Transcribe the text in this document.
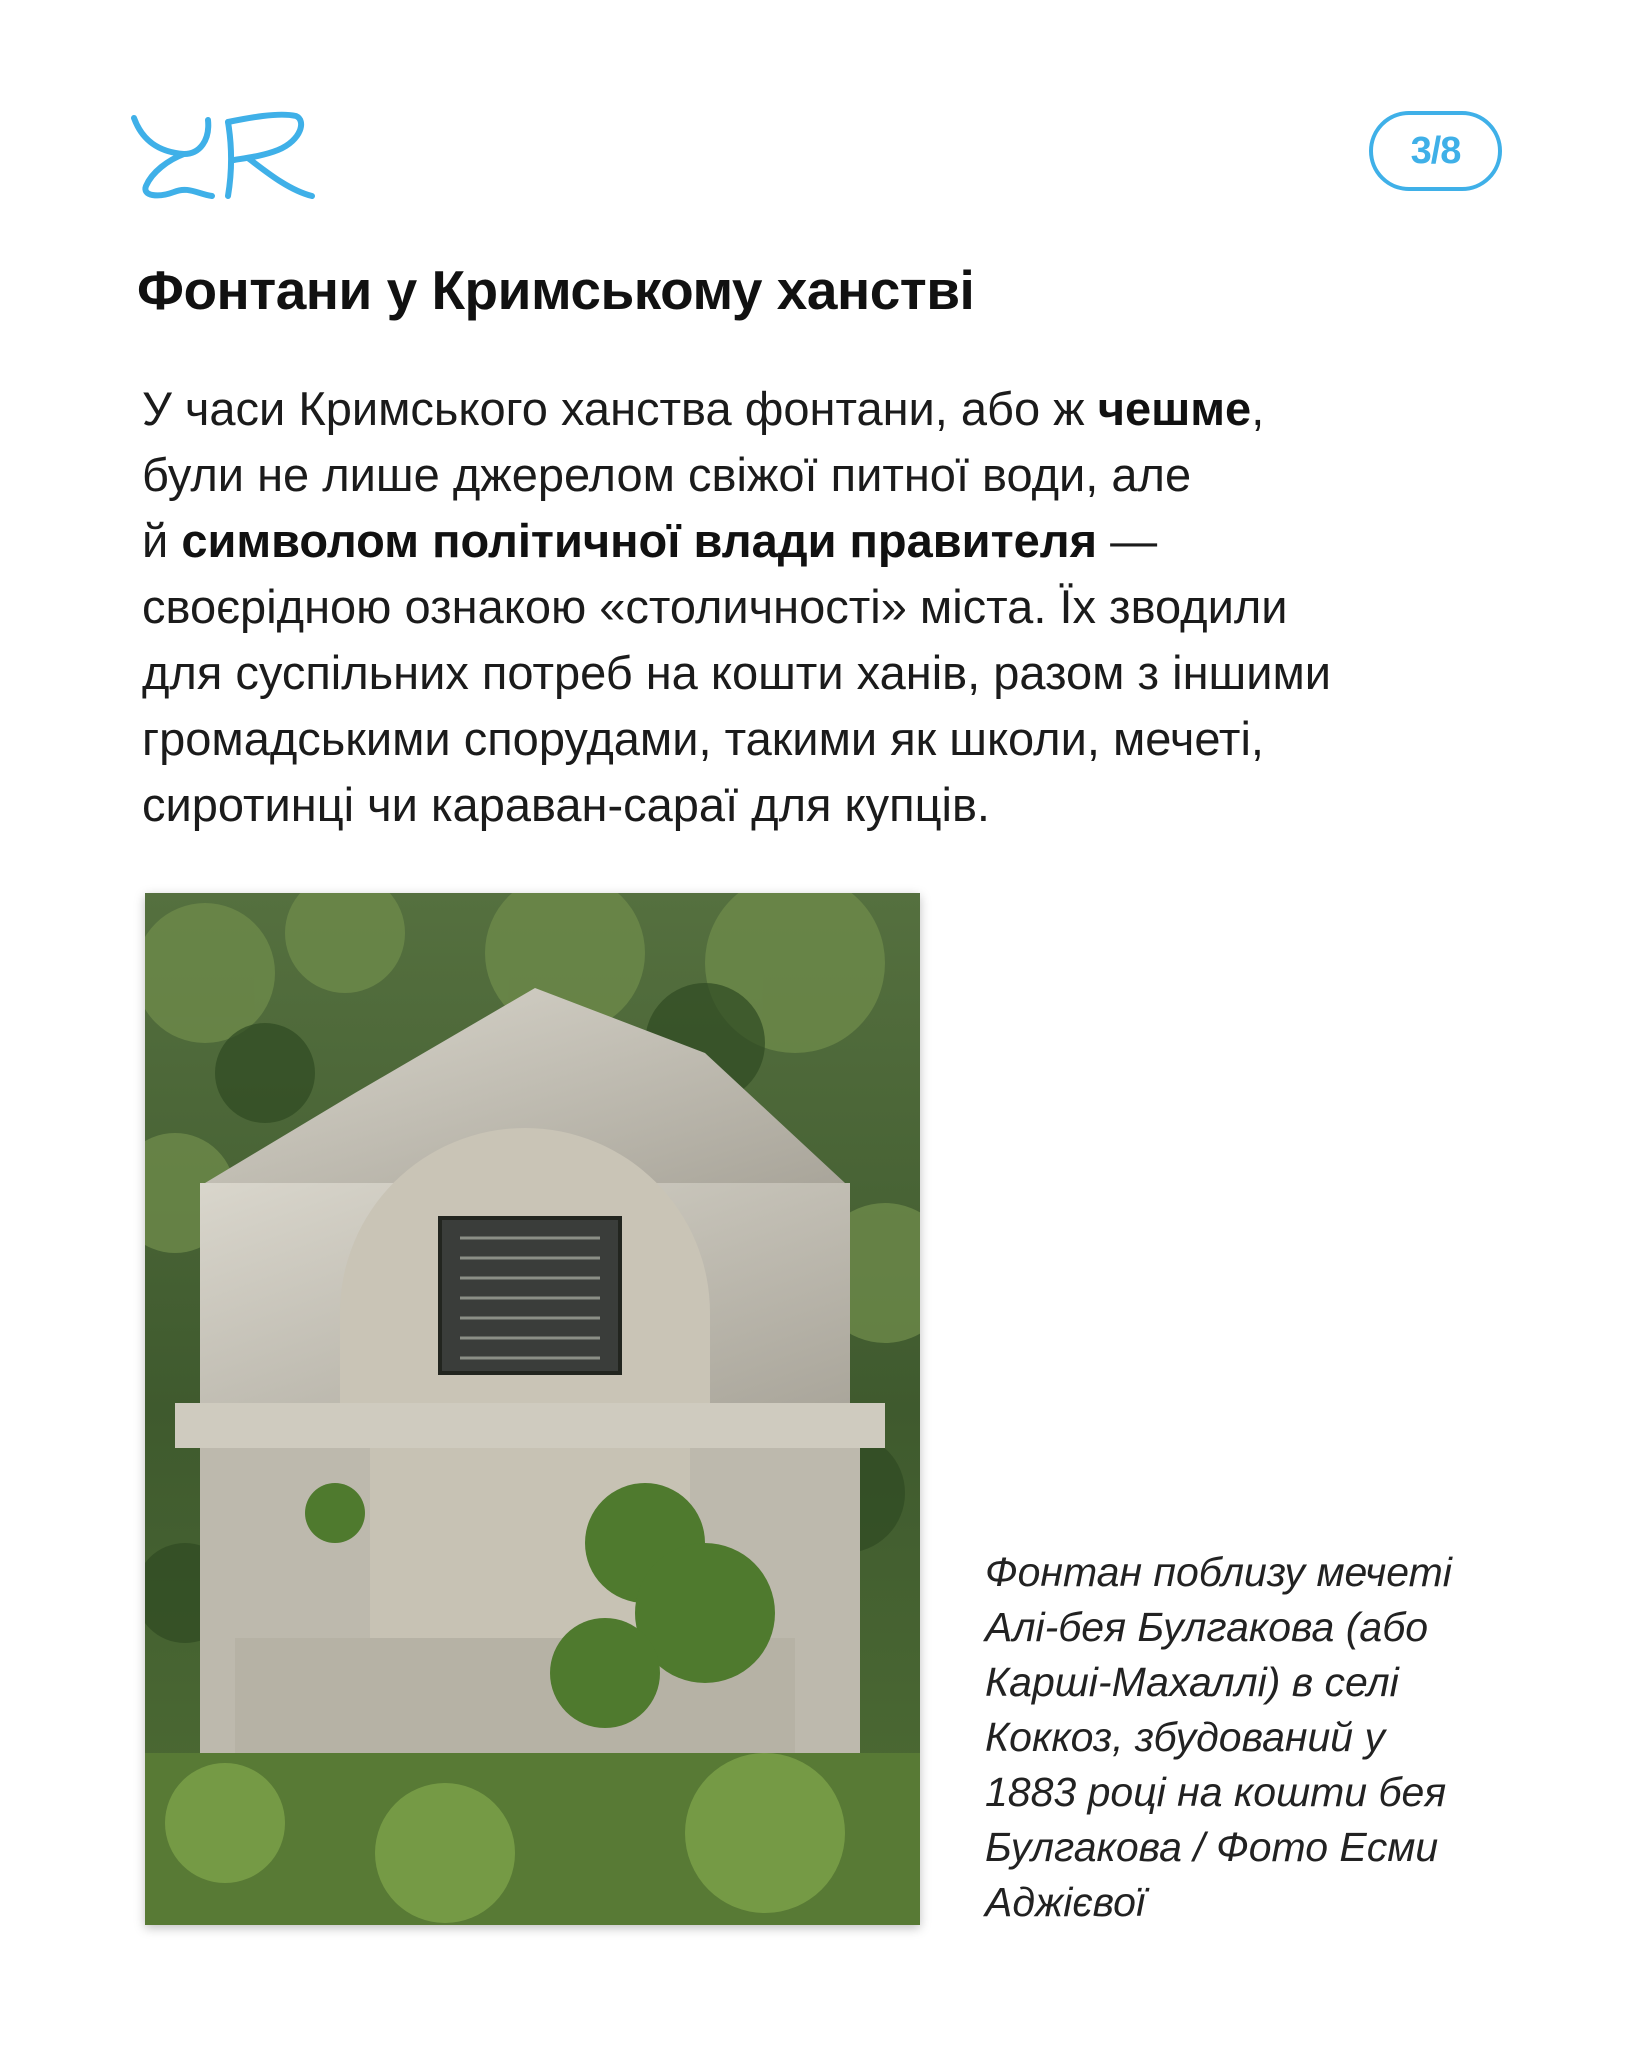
3/8
Фонтани у Кримському ханстві

У часи Кримського ханства фонтани, або ж чешме,
були не лише джерелом свіжої питної води, але
й символом політичної влади правителя —
своєрідною ознакою «столичності» міста. Їх зводили
для суспільних потреб на кошти ханів, разом з іншими
громадськими спорудами, такими як школи, мечеті,
сиротинці чи караван-сараї для купців.

Фонтан поблизу мечеті
Алі-бея Булгакова (або
Карші-Махаллі) в селі
Коккоз, збудований у
1883 році на кошти бея
Булгакова / Фото Есми
Аджієвої
